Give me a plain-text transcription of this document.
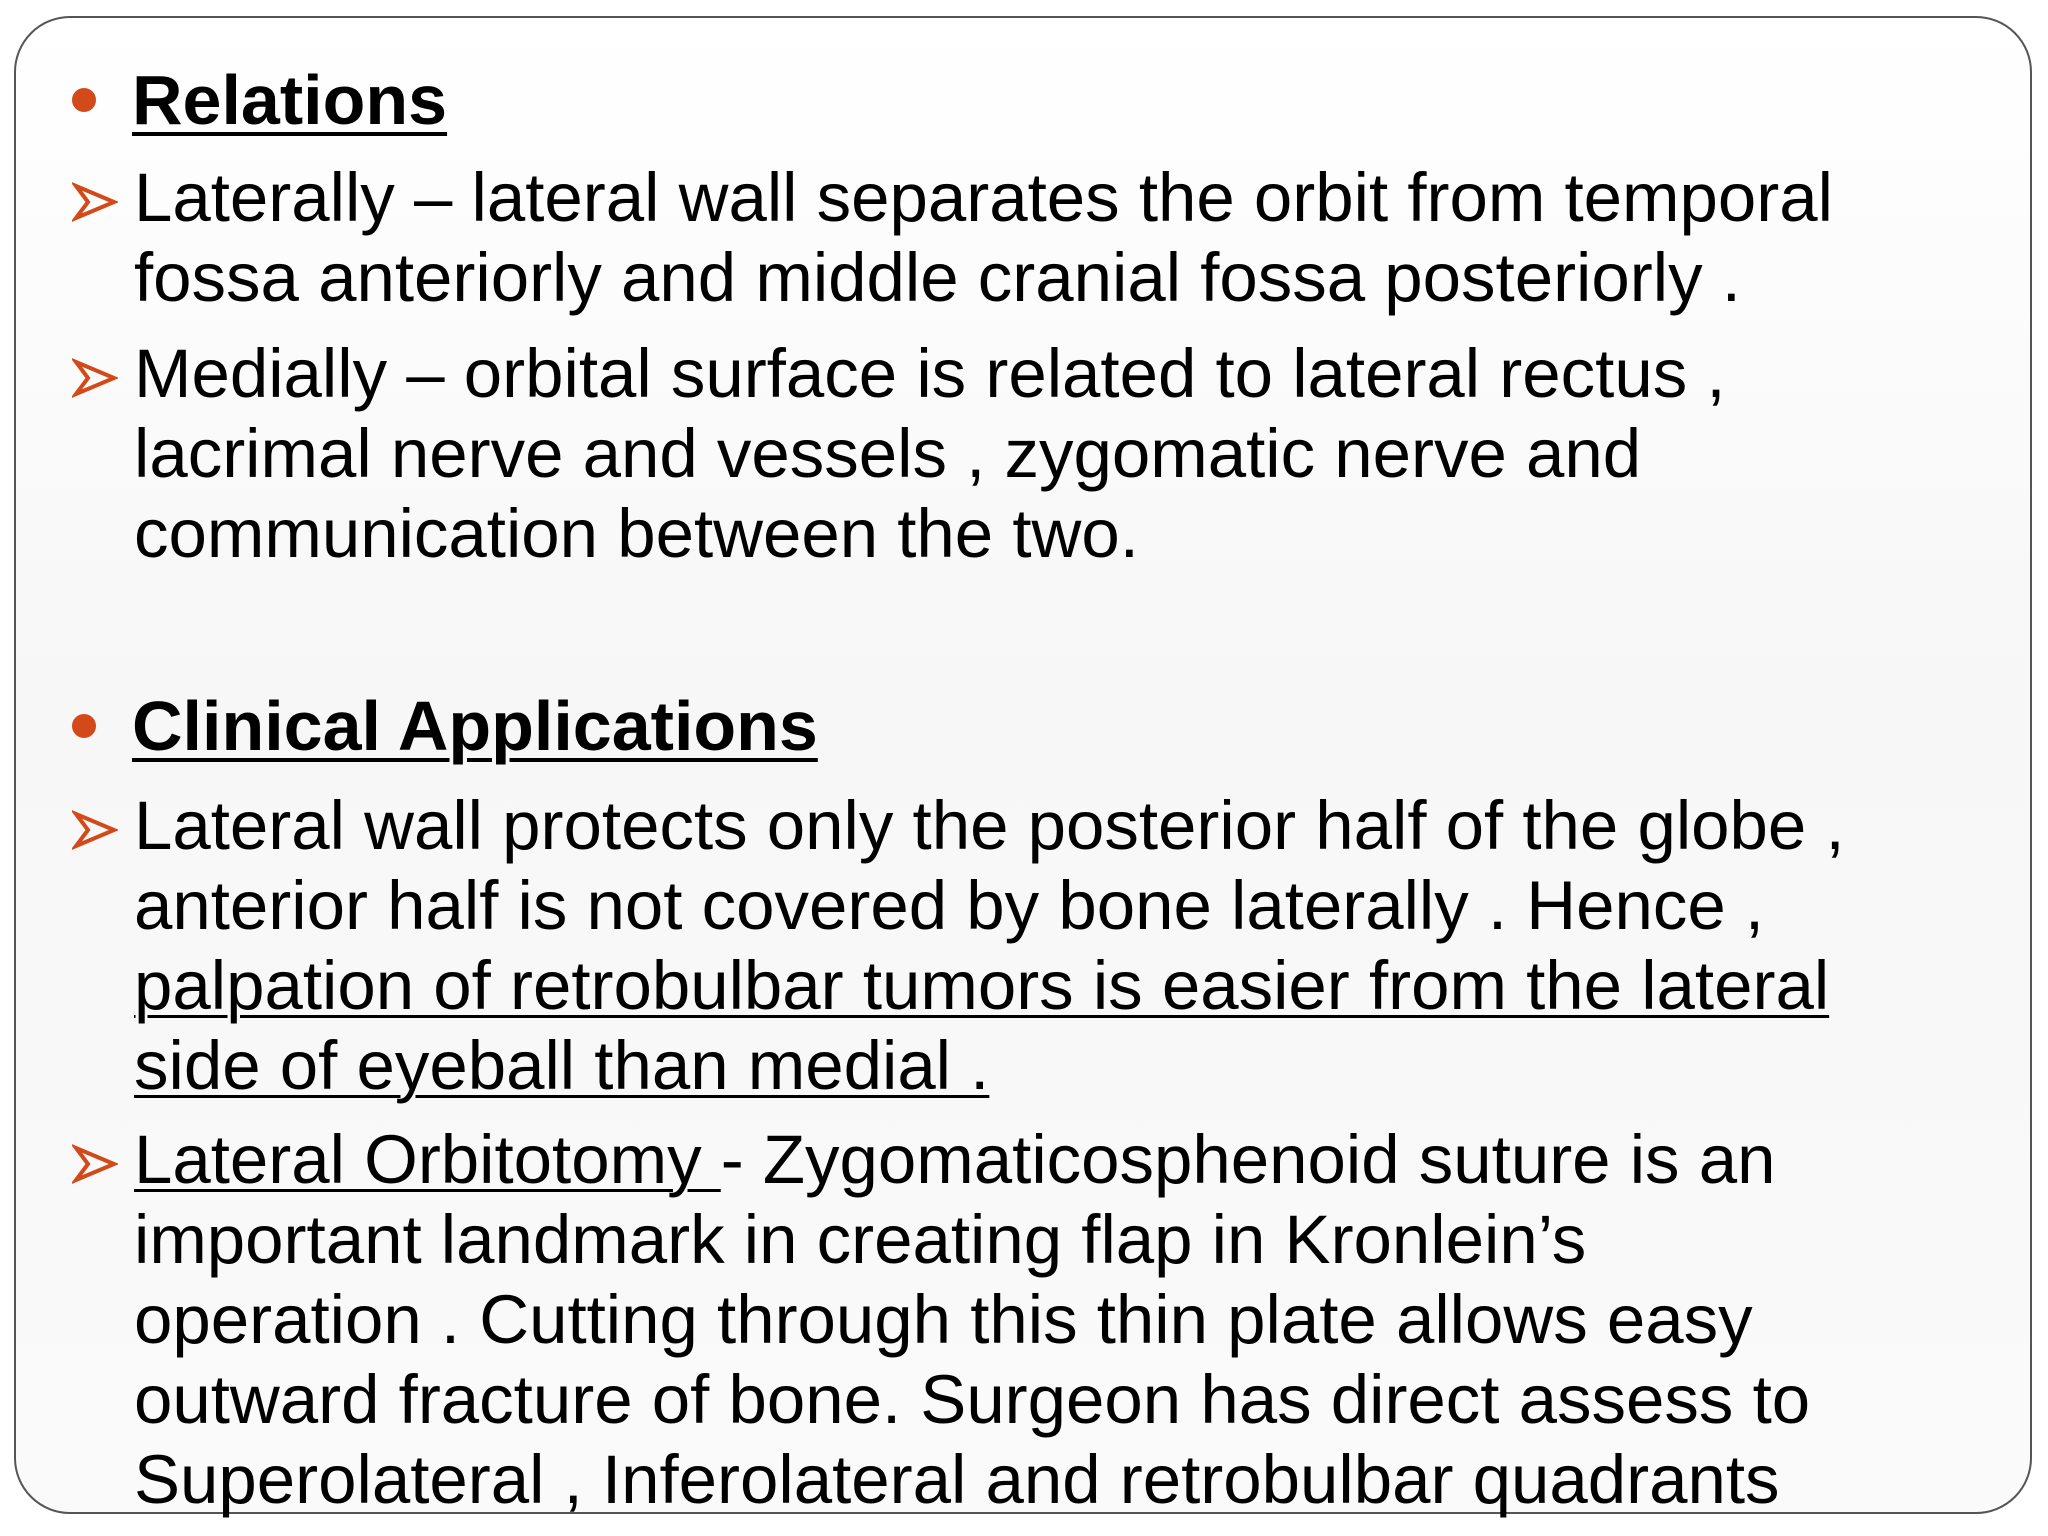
Relations
Laterally – lateral wall separates the orbit from temporal
fossa anteriorly and middle cranial fossa posteriorly .
Medially – orbital surface is related to lateral rectus ,
lacrimal nerve and vessels , zygomatic nerve and
communication between the two.
Clinical Applications
Lateral wall protects only the posterior half of the globe ,
anterior half is not covered by bone laterally . Hence ,
palpation of retrobulbar tumors is easier from the lateral
side of eyeball than medial .
Lateral Orbitotomy - Zygomaticosphenoid suture is an
important landmark in creating flap in Kronlein’s
operation . Cutting through this thin plate allows easy
outward fracture of bone. Surgeon has direct assess to
Superolateral , Inferolateral and retrobulbar quadrants
